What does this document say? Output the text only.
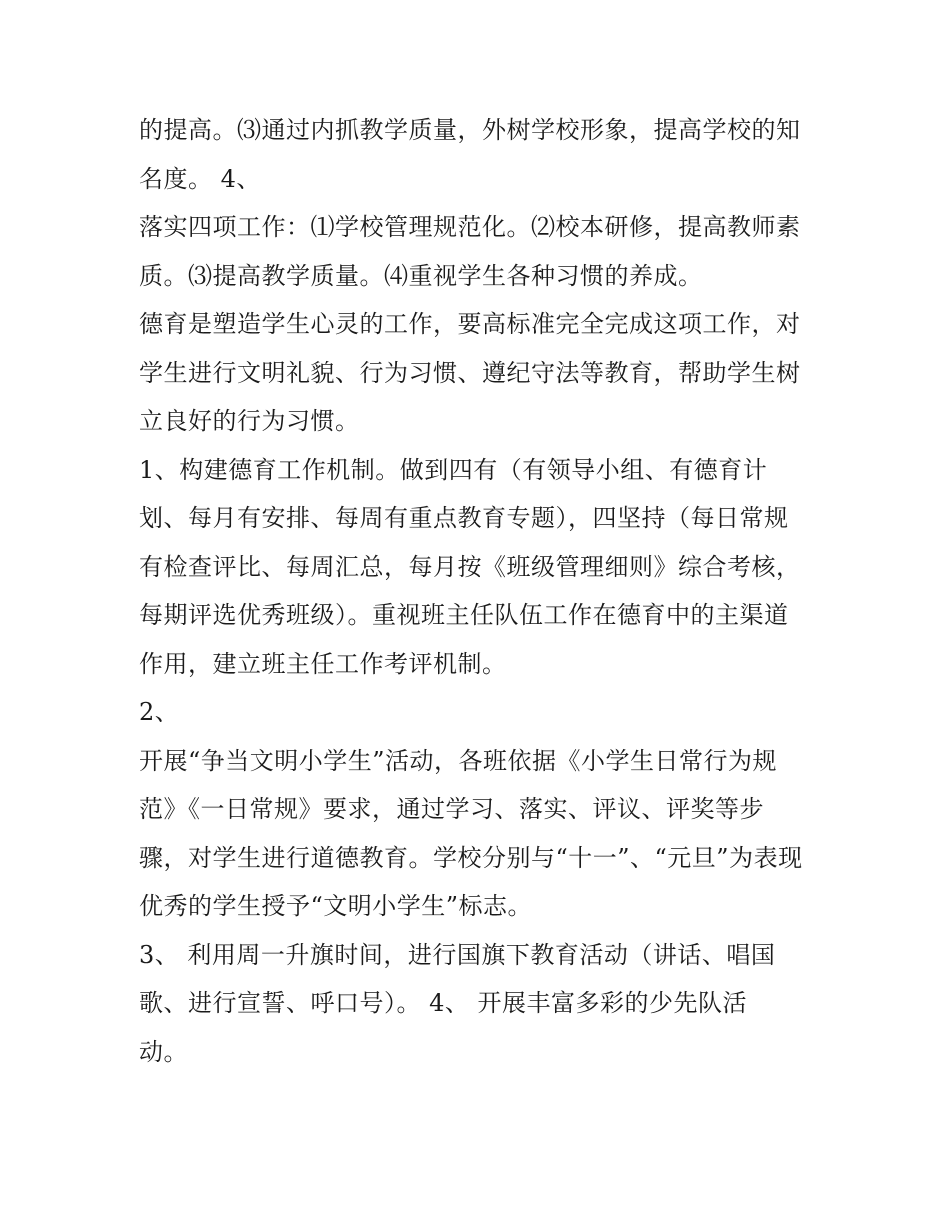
的提高。⑶通过内抓教学质量，外树学校形象，提高学校的知
名度。 4、
落实四项工作：⑴学校管理规范化。⑵校本研修，提高教师素
质。⑶提高教学质量。⑷重视学生各种习惯的养成。
德育是塑造学生心灵的工作，要高标准完全完成这项工作，对
学生进行文明礼貌、行为习惯、遵纪守法等教育，帮助学生树
立良好的行为习惯。
1、构建德育工作机制。做到四有（有领导小组、有德育计
划、每月有安排、每周有重点教育专题），四坚持（每日常规
有检查评比、每周汇总，每月按《班级管理细则》综合考核，
每期评选优秀班级）。重视班主任队伍工作在德育中的主渠道
作用，建立班主任工作考评机制。
2、
开展“争当文明小学生”活动，各班依据《小学生日常行为规
范》《一日常规》要求，通过学习、落实、评议、评奖等步
骤，对学生进行道德教育。学校分别与“十一”、“元旦”为表现
优秀的学生授予“文明小学生”标志。
3、 利用周一升旗时间，进行国旗下教育活动（讲话、唱国
歌、进行宣誓、呼口号）。 4、 开展丰富多彩的少先队活
动。
